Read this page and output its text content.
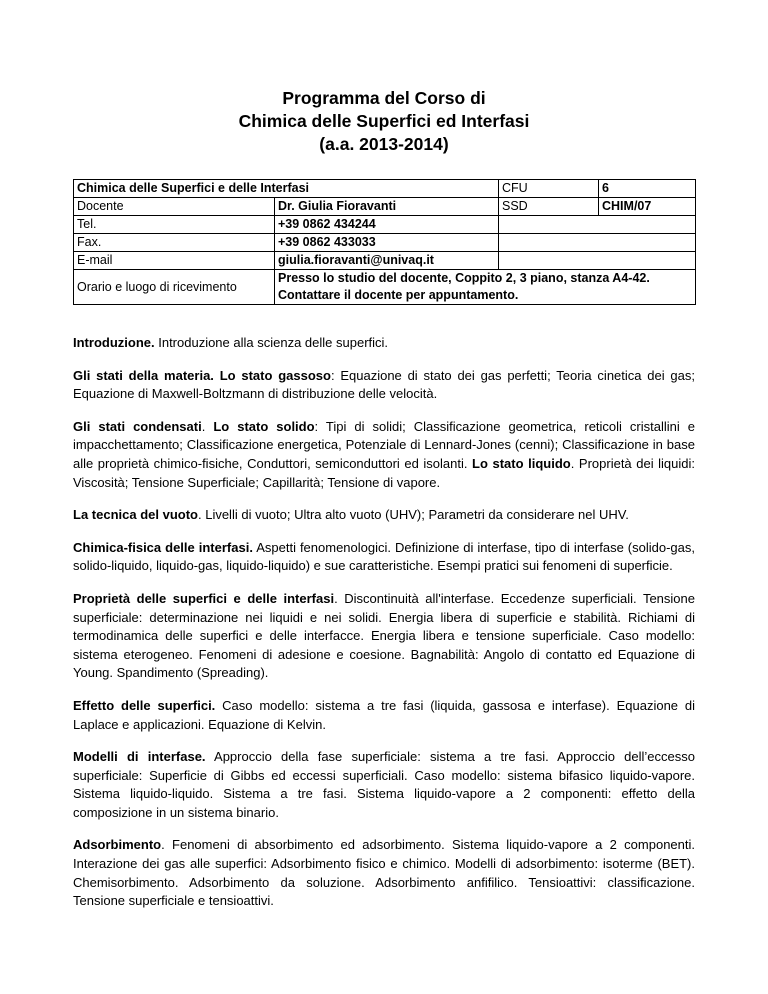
Programma del Corso di
Chimica delle Superfici ed Interfasi
(a.a. 2013-2014)
Chimica delle Superfici e delle Interfasi		CFU	6
Docente	Dr. Giulia Fioravanti	SSD	CHIM/07
Tel.	+39 0862 434244		
Fax.	+39 0862 433033		
E-mail	giulia.fioravanti@univaq.it		
Orario e luogo di ricevimento	Presso lo studio del docente, Coppito 2, 3 piano, stanza A4-42.
Contattare il docente per appuntamento.		

Introduzione. Introduzione alla scienza delle superfici.

Gli stati della materia. Lo stato gassoso: Equazione di stato dei gas perfetti; Teoria cinetica dei gas; Equazione di Maxwell-Boltzmann di distribuzione delle velocità.

Gli stati condensati. Lo stato solido: Tipi di solidi; Classificazione geometrica, reticoli cristallini e impacchettamento; Classificazione energetica, Potenziale di Lennard-Jones (cenni); Classificazione in base alle proprietà chimico-fisiche, Conduttori, semiconduttori ed isolanti. Lo stato liquido. Proprietà dei liquidi: Viscosità; Tensione Superficiale; Capillarità; Tensione di vapore.

La tecnica del vuoto. Livelli di vuoto; Ultra alto vuoto (UHV); Parametri da considerare nel UHV.

Chimica-fisica delle interfasi. Aspetti fenomenologici. Definizione di interfase, tipo di interfase (solido-gas, solido-liquido, liquido-gas, liquido-liquido) e sue caratteristiche. Esempi pratici sui fenomeni di superficie.

Proprietà delle superfici e delle interfasi. Discontinuità all'interfase. Eccedenze superficiali. Tensione superficiale: determinazione nei liquidi e nei solidi. Energia libera di superficie e stabilità. Richiami di termodinamica delle superfici e delle interfacce. Energia libera e tensione superficiale. Caso modello: sistema eterogeneo. Fenomeni di adesione e coesione. Bagnabilità: Angolo di contatto ed Equazione di Young. Spandimento (Spreading).

Effetto delle superfici. Caso modello: sistema a tre fasi (liquida, gassosa e interfase). Equazione di Laplace e applicazioni. Equazione di Kelvin.

Modelli di interfase. Approccio della fase superficiale: sistema a tre fasi. Approccio dell’eccesso superficiale: Superficie di Gibbs ed eccessi superficiali. Caso modello: sistema bifasico liquido-vapore. Sistema liquido-liquido. Sistema a tre fasi. Sistema liquido-vapore a 2 componenti: effetto della composizione in un sistema binario.

Adsorbimento. Fenomeni di absorbimento ed adsorbimento. Sistema liquido-vapore a 2 componenti. Interazione dei gas alle superfici: Adsorbimento fisico e chimico. Modelli di adsorbimento: isoterme (BET). Chemisorbimento. Adsorbimento da soluzione. Adsorbimento anfifilico. Tensioattivi: classificazione. Tensione superficiale e tensioattivi.
